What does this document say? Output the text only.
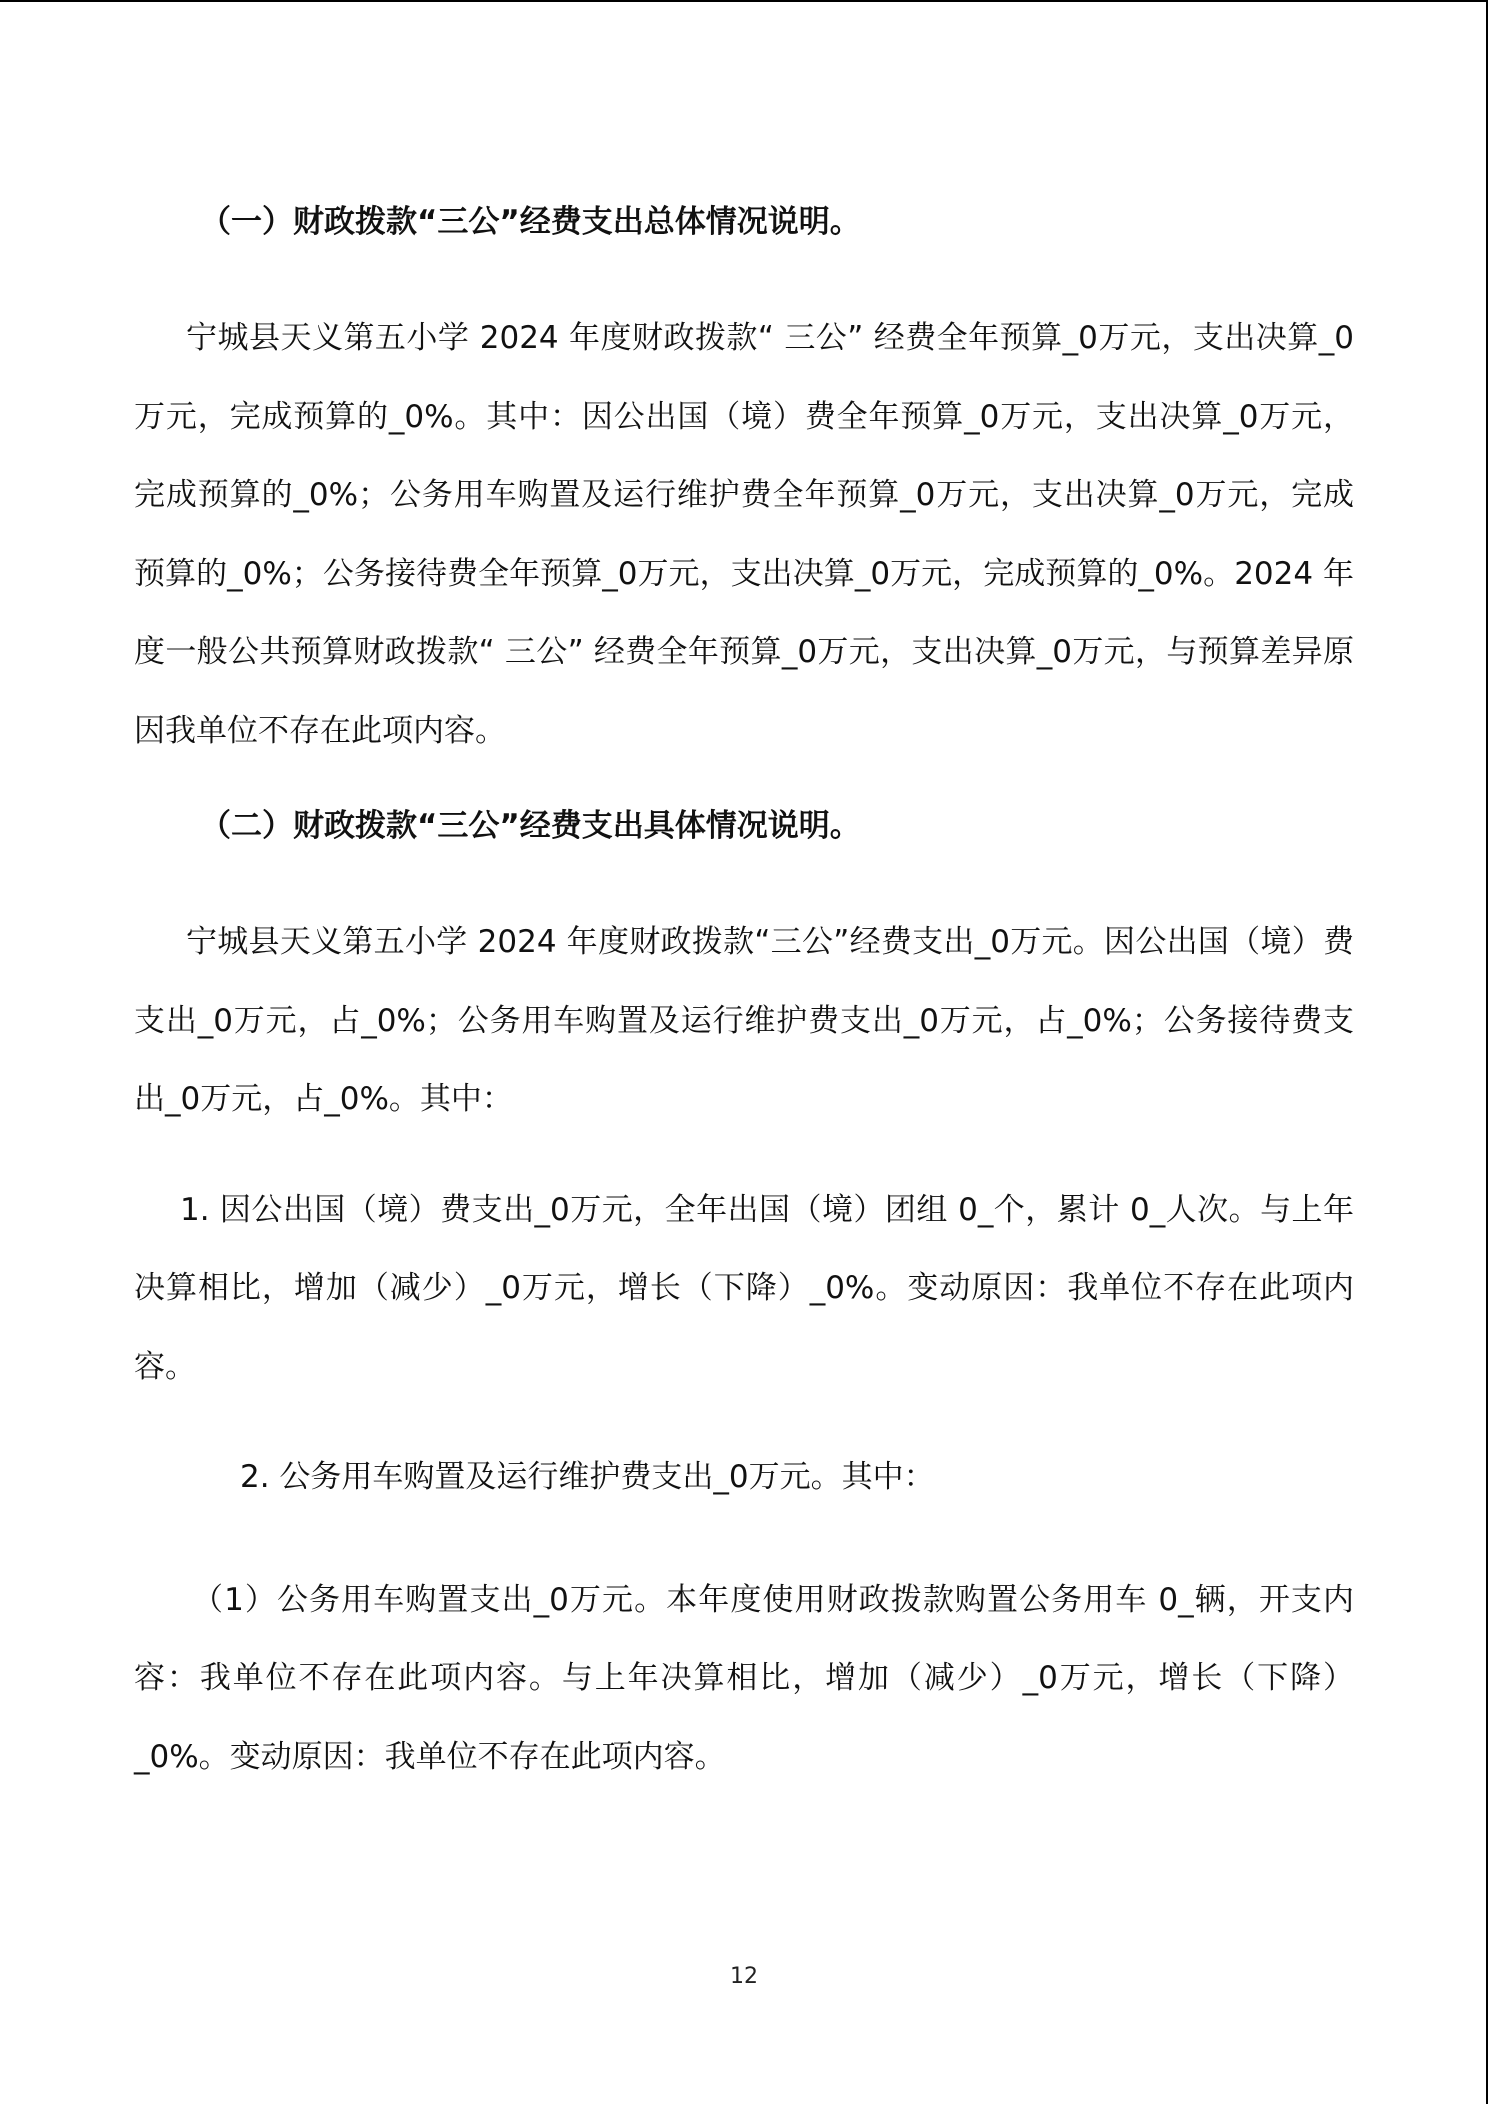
（一）财政拨款“三公”经费支出总体情况说明。

宁城县天义第五小学 2024 年度财政拨款“ 三公” 经费全年预算_0万元，支出决算_0万元，完成预算的_0%。其中：因公出国（境）费全年预算_0万元，支出决算_0万元，完成预算的_0%；公务用车购置及运行维护费全年预算_0万元，支出决算_0万元，完成预算的_0%；公务接待费全年预算_0万元，支出决算_0万元，完成预算的_0%。2024 年度一般公共预算财政拨款“ 三公” 经费全年预算_0万元，支出决算_0万元，与预算差异原因我单位不存在此项内容。

（二）财政拨款“三公”经费支出具体情况说明。

宁城县天义第五小学 2024 年度财政拨款“三公”经费支出_0万元。因公出国（境）费支出_0万元，占_0%；公务用车购置及运行维护费支出_0万元，占_0%；公务接待费支出_0万元，占_0%。其中：

1. 因公出国（境）费支出_0万元，全年出国（境）团组 0_个，累计 0_人次。与上年决算相比，增加（减少）_0万元，增长（下降）_0%。变动原因：我单位不存在此项内容。

2. 公务用车购置及运行维护费支出_0万元。其中：

（1）公务用车购置支出_0万元。本年度使用财政拨款购置公务用车 0_辆，开支内容：我单位不存在此项内容。与上年决算相比，增加（减少）_0万元，增长（下降）_0%。变动原因：我单位不存在此项内容。

12
